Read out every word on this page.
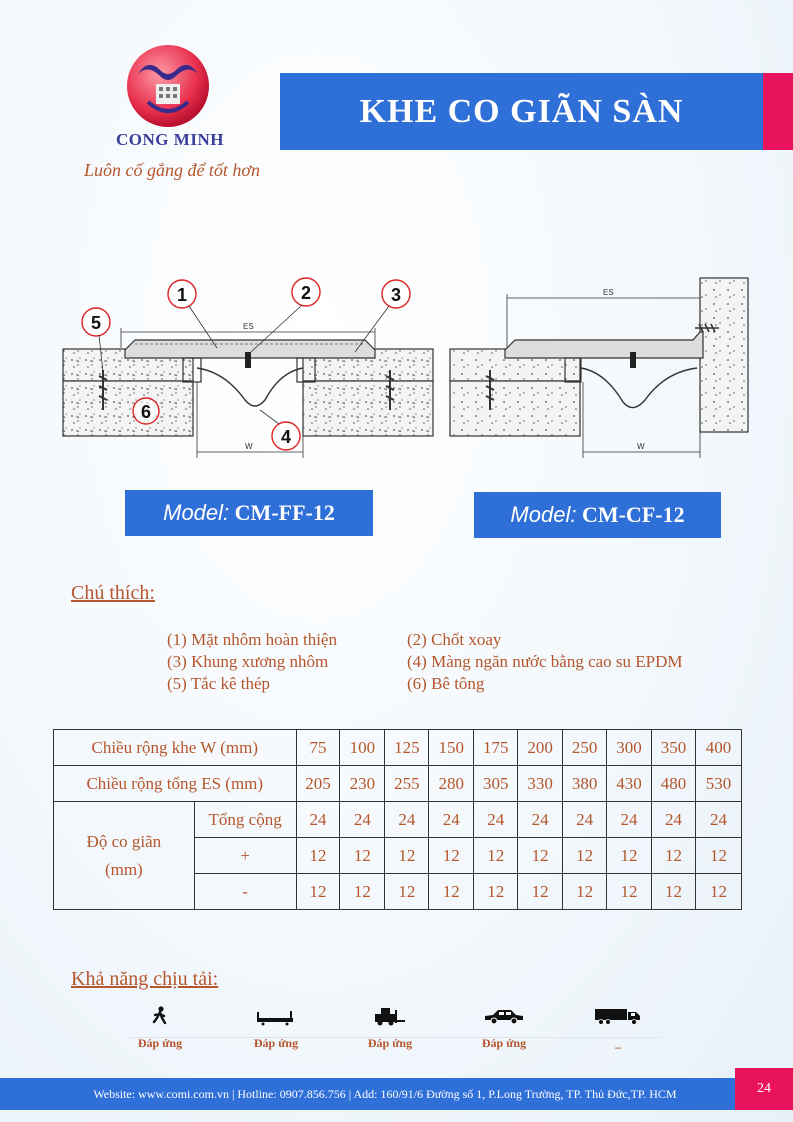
CONG MINH
Luôn cố gắng để tốt hơn
KHE CO GIÃN SÀN
W
ES
1	2	3
5
6
4
ES
W
Model: CM-FF-12	Model: CM-CF-12
Chú thích:
(1) Mặt nhôm hoàn thiện	(2) Chốt xoay
(3) Khung xương nhôm	(4) Màng ngăn nước bằng cao su EPDM
(5) Tắc kê thép	(6) Bê tông
Chiều rộng khe W (mm)		75	100	125	150	175	200	250	300	350	400
Chiều rộng tổng ES (mm)		205	230	255	280	305	330	380	430	480	530
Độ co giãn
(mm)	Tổng cộng	24	24	24	24	24	24	24	24	24	24
	+	12	12	12	12	12	12	12	12	12	12
	-	12	12	12	12	12	12	12	12	12	12
Khả năng chịu tải:
Đáp ứng	Đáp ứng	Đáp ứng	Đáp ứng	_
Website: www.comi.com.vn | Hotline: 0907.856.756 | Add: 160/91/6 Đường số 1, P.Long Trường, TP. Thủ Đức,TP. HCM	24
